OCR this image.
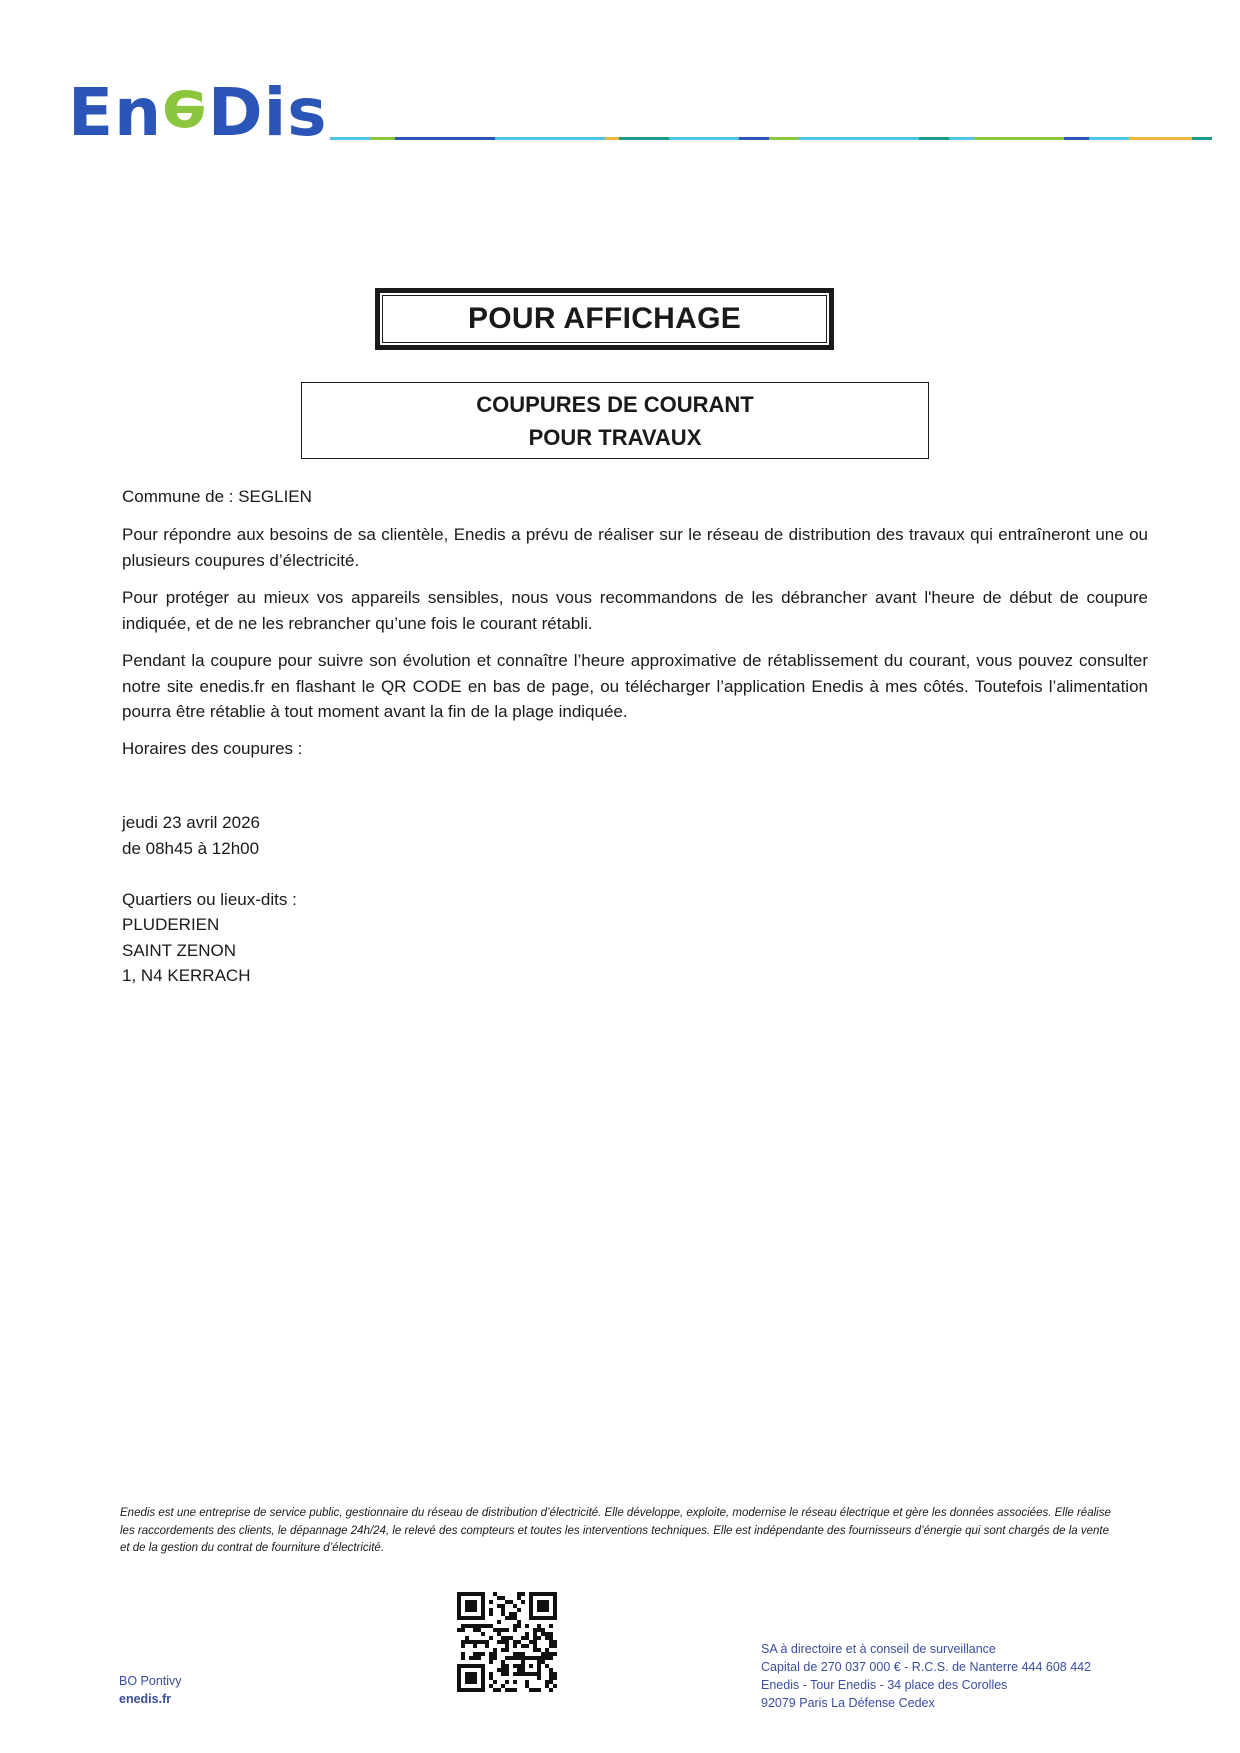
En e Dis
POUR AFFICHAGE
COUPURES DE COURANT
POUR TRAVAUX
Commune de : SEGLIEN

Pour répondre aux besoins de sa clientèle, Enedis a prévu de réaliser sur le réseau de distribution des travaux qui entraîneront une ou plusieurs coupures d’électricité.

Pour protéger au mieux vos appareils sensibles, nous vous recommandons de les débrancher avant l'heure de début de coupure indiquée, et de ne les rebrancher qu’une fois le courant rétabli.

Pendant la coupure pour suivre son évolution et connaître l’heure approximative de rétablissement du courant, vous pouvez consulter notre site enedis.fr en flashant le QR CODE en bas de page, ou télécharger l’application Enedis à mes côtés. Toutefois l’alimentation pourra être rétablie à tout moment avant la fin de la plage indiquée.

Horaires des coupures :
jeudi 23 avril 2026
de 08h45 à 12h00
Quartiers ou lieux-dits :
PLUDERIEN
SAINT ZENON
1, N4 KERRACH
Enedis est une entreprise de service public, gestionnaire du réseau de distribution d’électricité. Elle développe, exploite, modernise le réseau électrique et gère les données associées. Elle réalise les raccordements des clients, le dépannage 24h/24, le relevé des compteurs et toutes les interventions techniques. Elle est indépendante des fournisseurs d’énergie qui sont chargés de la vente et de la gestion du contrat de fourniture d’électricité.
BO Pontivy
enedis.fr
SA à directoire et à conseil de surveillance
Capital de 270 037 000 € - R.C.S. de Nanterre 444 608 442
Enedis - Tour Enedis - 34 place des Corolles
92079 Paris La Défense Cedex
